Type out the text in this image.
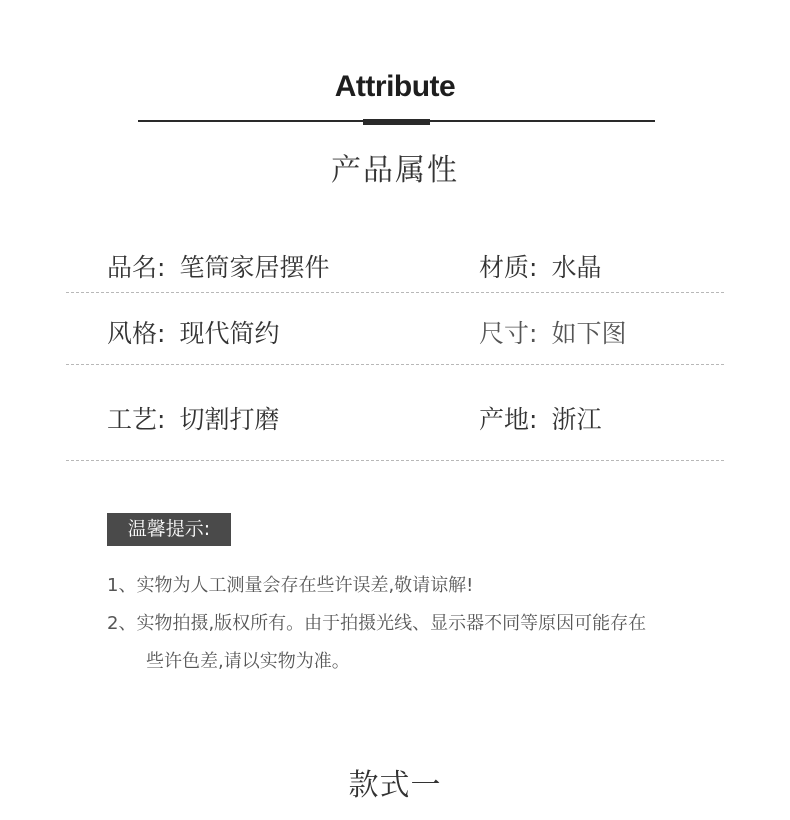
Attribute
产品属性
品名: 笔筒家居摆件	材质: 水晶
风格: 现代简约	尺寸: 如下图
工艺: 切割打磨	产地: 浙江
温馨提示:
1、实物为人工测量会存在些许误差,敬请谅解!
2、实物拍摄,版权所有。由于拍摄光线、显示器不同等原因可能存在
些许色差,请以实物为准。
款式一
